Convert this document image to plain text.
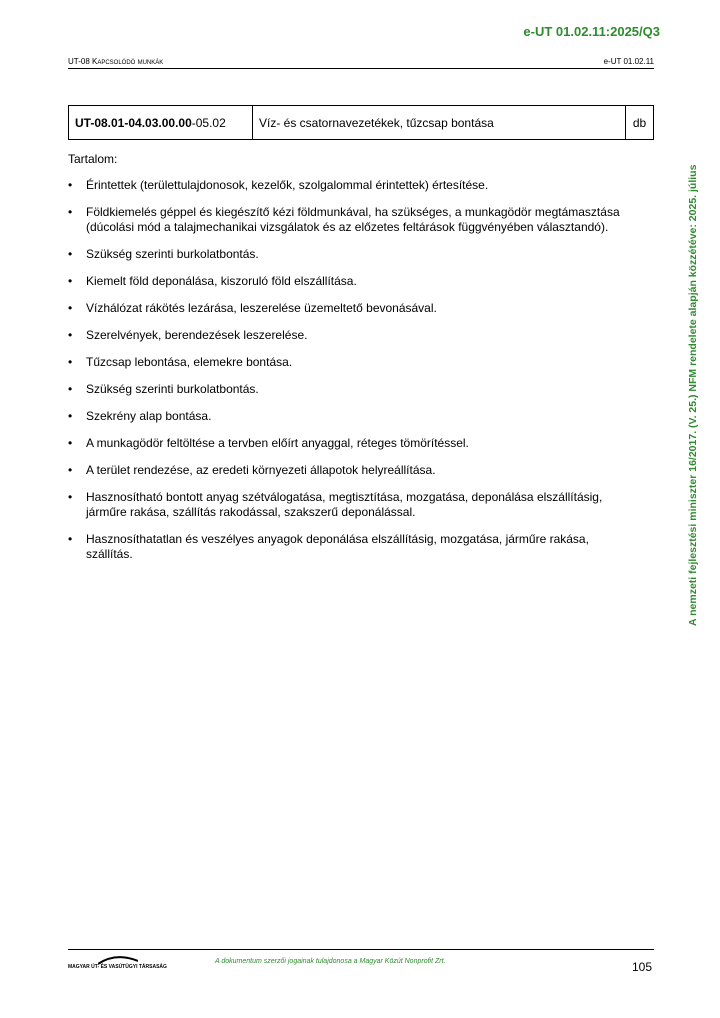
e-UT 01.02.11:2025/Q3
UT-08 Kapcsolódó munkák	e-UT 01.02.11
UT-08.01-04.03.00.00-05.02	Víz- és csatornavezetékek, tűzcsap bontása	db
Tartalom:
• Érintettek (területtulajdonosok, kezelők, szolgalommal érintettek) értesítése.
• Földkiemelés géppel és kiegészítő kézi földmunkával, ha szükséges, a munkagödör megtámasztása (dúcolási mód a talajmechanikai vizsgálatok és az előzetes feltárások függvényében választandó).
• Szükség szerinti burkolatbontás.
• Kiemelt föld deponálása, kiszoruló föld elszállítása.
• Vízhálózat rákötés lezárása, leszerelése üzemeltető bevonásával.
• Szerelvények, berendezések leszerelése.
• Tűzcsap lebontása, elemekre bontása.
• Szükség szerinti burkolatbontás.
• Szekrény alap bontása.
• A munkagödör feltöltése a tervben előírt anyaggal, réteges tömörítéssel.
• A terület rendezése, az eredeti környezeti állapotok helyreállítása.
• Hasznosítható bontott anyag szétválogatása, megtisztítása, mozgatása, deponálása elszállításig, járműre rakása, szállítás rakodással, szakszerű deponálással.
• Hasznosíthatatlan és veszélyes anyagok deponálása elszállításig, mozgatása, járműre rakása, szállítás.	A nemzeti fejlesztési miniszter 16/2017. (V. 25.) NFM rendelete alapján közzétéve: 2025. július
MAGYAR ÚT- ÉS VASÚTÜGYI TÁRSASÁG
A dokumentum szerzői jogainak tulajdonosa a Magyar Közút Nonprofit Zrt.	105
